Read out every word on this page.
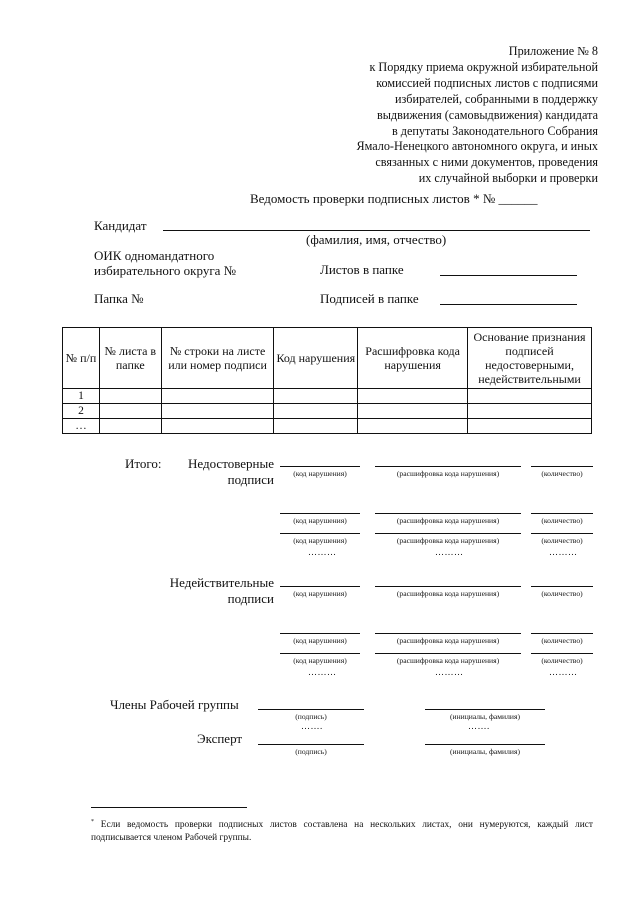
Приложение № 8
к Порядку приема окружной избирательной
комиссией подписных листов с подписями
избирателей, собранными в поддержку
выдвижения (самовыдвижения) кандидата
в депутаты Законодательного Собрания
Ямало-Ненецкого автономного округа, и иных
связанных с ними документов, проведения
их случайной выборки и проверки
Ведомость проверки подписных листов * № ______
Кандидат
(фамилия, имя, отчество)
ОИК одномандатного
избирательного округа №	Листов в папке
Папка №	Подписей в папке
№ п/п	№ листа в папке	№ строки на листе или номер подписи	Код нарушения	Расшифровка кода нарушения	Основание признания подписей недостоверными, недействительными
1					
2					
…					
Итого:	Недостоверные
подписи	(код нарушения)	(расшифровка кода нарушения)	(количество)
(код нарушения)	(расшифровка кода нарушения)	(количество)
(код нарушения)	(расшифровка кода нарушения)	(количество)
………	………	………
Недействительные
подписи	(код нарушения)	(расшифровка кода нарушения)	(количество)
(код нарушения)	(расшифровка кода нарушения)	(количество)
(код нарушения)	(расшифровка кода нарушения)	(количество)
………	………	………
Члены Рабочей группы
(подпись)	(инициалы, фамилия)
…….	…….
Эксперт
(подпись)	(инициалы, фамилия)
* Если ведомость проверки подписных листов составлена на нескольких листах, они нумеруются, каждый лист подписывается членом Рабочей группы.
